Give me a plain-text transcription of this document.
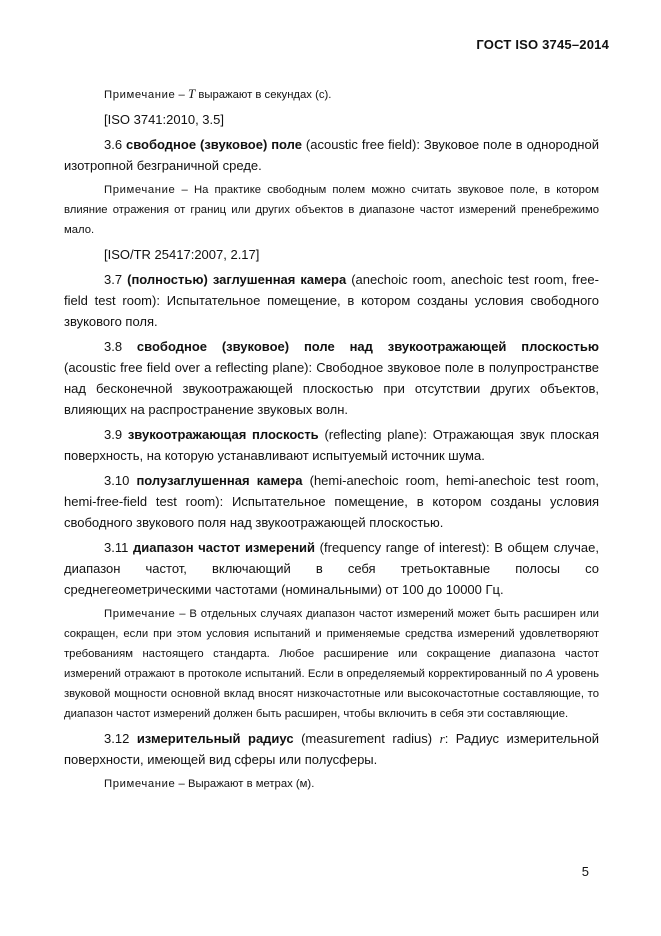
ГОСТ ISO 3745–2014

Примечание – T выражают в секундах (с).

[ISO 3741:2010, 3.5]

3.6 свободное (звуковое) поле (acoustic free field): Звуковое поле в однородной изотропной безграничной среде.

Примечание – На практике свободным полем можно считать звуковое поле, в котором влияние отражения от границ или других объектов в диапазоне частот измерений пренебрежимо мало.

[ISO/TR 25417:2007, 2.17]

3.7 (полностью) заглушенная камера (anechoic room, anechoic test room, free-field test room): Испытательное помещение, в котором созданы условия свободного звукового поля.

3.8 свободное (звуковое) поле над звукоотражающей плоскостью
(acoustic free field over a reflecting plane): Свободное звуковое поле в полупространстве над бесконечной звукоотражающей плоскостью при отсутствии других объектов, влияющих на распространение звуковых волн.

3.9 звукоотражающая плоскость (reflecting plane): Отражающая звук плоская поверхность, на которую устанавливают испытуемый источник шума.

3.10 полузаглушенная камера (hemi-anechoic room, hemi-anechoic test room, hemi-free-field test room): Испытательное помещение, в котором созданы условия свободного звукового поля над звукоотражающей плоскостью.

3.11 диапазон частот измерений (frequency range of interest): В общем случае, диапазон частот, включающий в себя третьоктавные полосы со среднегеометрическими частотами (номинальными) от 100 до 10000 Гц.

Примечание – В отдельных случаях диапазон частот измерений может быть расширен или сокращен, если при этом условия испытаний и применяемые средства измерений удовлетворяют требованиям настоящего стандарта. Любое расширение или сокращение диапазона частот измерений отражают в протоколе испытаний. Если в определяемый корректированный по A уровень звуковой мощности основной вклад вносят низкочастотные или высокочастотные составляющие, то диапазон частот измерений должен быть расширен, чтобы включить в себя эти составляющие.

3.12 измерительный радиус (measurement radius) r: Радиус измерительной поверхности, имеющей вид сферы или полусферы.

Примечание – Выражают в метрах (м).

5
